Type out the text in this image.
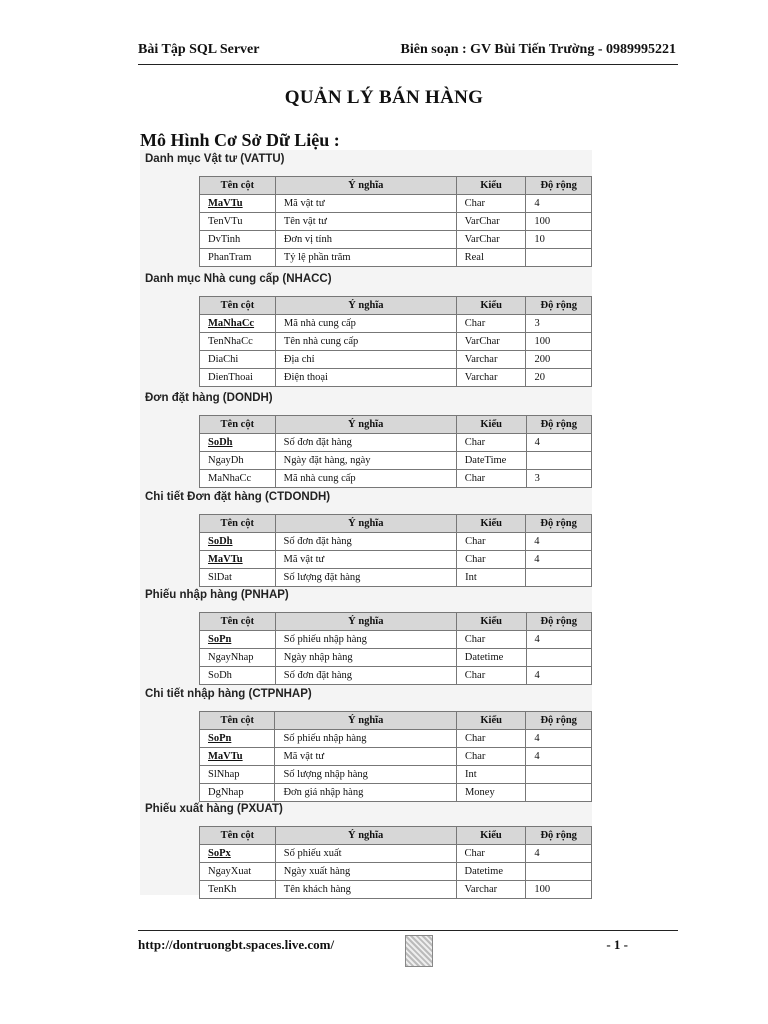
Bài Tập SQL Server	Biên soạn : GV Bùi Tiến Trường - 0989995221
QUẢN LÝ BÁN HÀNG
Mô Hình Cơ Sở Dữ Liệu :
Danh mục Vật tư (VATTU)
Tên cột	Ý nghĩa	Kiểu	Độ rộng
MaVTu	Mã vật tư	Char	4
TenVTu	Tên vật tư	VarChar	100
DvTinh	Đơn vị tính	VarChar	10
PhanTram	Tỷ lệ phần trăm	Real	
Danh mục Nhà cung cấp (NHACC)
Tên cột	Ý nghĩa	Kiểu	Độ rộng
MaNhaCc	Mã nhà cung cấp	Char	3
TenNhaCc	Tên nhà cung cấp	VarChar	100
DiaChi	Địa chỉ	Varchar	200
DienThoai	Điện thoại	Varchar	20
Đơn đặt hàng (DONDH)
Tên cột	Ý nghĩa	Kiểu	Độ rộng
SoDh	Số đơn đặt hàng	Char	4
NgayDh	Ngày đặt hàng, ngày	DateTime	
MaNhaCc	Mã nhà cung cấp	Char	3
Chi tiết Đơn đặt hàng (CTDONDH)
Tên cột	Ý nghĩa	Kiểu	Độ rộng
SoDh	Số đơn đặt hàng	Char	4
MaVTu	Mã vật tư	Char	4
SlDat	Số lượng đặt hàng	Int	
Phiếu nhập hàng (PNHAP)
Tên cột	Ý nghĩa	Kiểu	Độ rộng
SoPn	Số phiếu nhập hàng	Char	4
NgayNhap	Ngày nhập hàng	Datetime	
SoDh	Số đơn đặt hàng	Char	4
Chi tiết nhập hàng (CTPNHAP)
Tên cột	Ý nghĩa	Kiểu	Độ rộng
SoPn	Số phiếu nhập hàng	Char	4
MaVTu	Mã vật tư	Char	4
SlNhap	Số lượng nhập hàng	Int	
DgNhap	Đơn giá nhập hàng	Money	
Phiếu xuất hàng (PXUAT)
Tên cột	Ý nghĩa	Kiểu	Độ rộng
SoPx	Số phiếu xuất	Char	4
NgayXuat	Ngày xuất hàng	Datetime	
TenKh	Tên khách hàng	Varchar	100
http://dontruongbt.spaces.live.com/	- 1 -
